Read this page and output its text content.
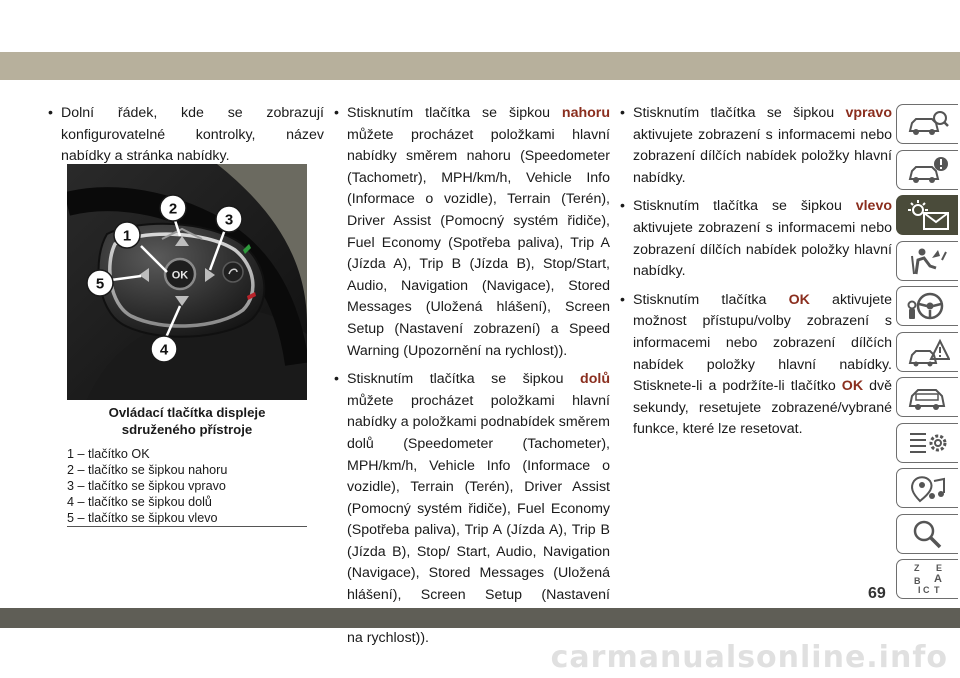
• Dolní řádek, kde se zobrazují konfigurovatelné kontrolky, název nabídky a stránka nabídky.

OK
1
2
3
4
5
Ovládací tlačítka displeje
sdruženého přístroje
1 – tlačítko OK
2 – tlačítko se šipkou nahoru
3 – tlačítko se šipkou vpravo
4 – tlačítko se šipkou dolů
5 – tlačítko se šipkou vlevo

• Stisknutím tlačítka se šipkou nahoru můžete procházet položkami hlavní nabídky směrem nahoru (Speedometer (Tachometr), MPH/km/h, Vehicle Info (Informace o vozidle), Terrain (Terén), Driver Assist (Pomocný systém řidiče), Fuel Economy (Spotřeba paliva), Trip A (Jízda A), Trip B (Jízda B), Stop/Start, Audio, Navigation (Navigace), Stored Messages (Uložená hlášení), Screen Setup (Nastavení zobrazení) a Speed Warning (Upozornění na rychlost)).

• Stisknutím tlačítka se šipkou dolů můžete procházet položkami hlavní nabídky a položkami podnabídek směrem dolů (Speedometer (Tachometer), MPH/km/h, Vehicle Info (Informace o vozidle), Terrain (Terén), Driver Assist (Pomocný systém řidiče), Fuel Economy (Spotřeba paliva), Trip A (Jízda A), Trip B (Jízda B), Stop/ Start, Audio, Navigation (Navigace), Stored Messages (Uložená hlášení), Screen Setup (Nastavení na rychlost)).

• Stisknutím tlačítka se šipkou vpravo aktivujete zobrazení s informacemi nebo zobrazení dílčích nabídek položky hlavní nabídky.

• Stisknutím tlačítka se šipkou vlevo aktivujete zobrazení s informacemi nebo zobrazení dílčích nabídek položky hlavní nabídky.

• Stisknutím tlačítka OK aktivujete možnost přístupu/volby zobrazení s informacemi nebo zobrazení dílčích nabídek položky hlavní nabídky. Stisknete-li a podržíte-li tlačítko OK dvě sekundy, resetujete zobrazené/vybrané funkce, které lze resetovat.

Z E
A
B
C
I T
69
carmanualsonline.info
